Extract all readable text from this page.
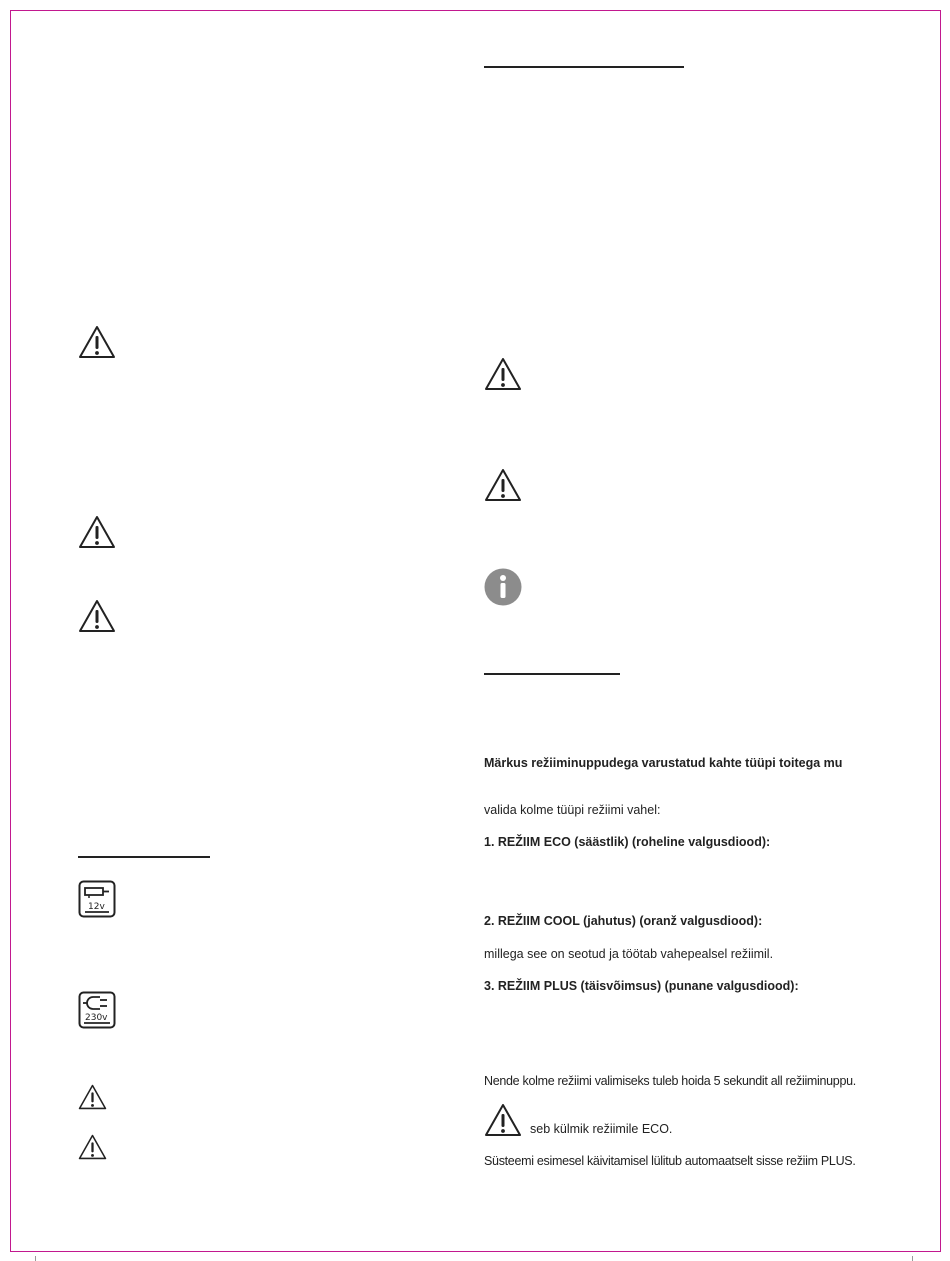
12v
230v
Märkus režiiminuppudega varustatud kahte tüüpi toitega mu
valida kolme tüüpi režiimi vahel:
1. REŽIIM ECO (säästlik) (roheline valgusdiood):
2. REŽIIM COOL (jahutus) (oranž valgusdiood):
millega see on seotud ja töötab vahepealsel režiimil.
3. REŽIIM PLUS (täisvõimsus) (punane valgusdiood):
Nende kolme režiimi valimiseks tuleb hoida 5 sekundit all režiiminuppu.
seb külmik režiimile ECO.
Süsteemi esimesel käivitamisel lülitub automaatselt sisse režiim PLUS.
